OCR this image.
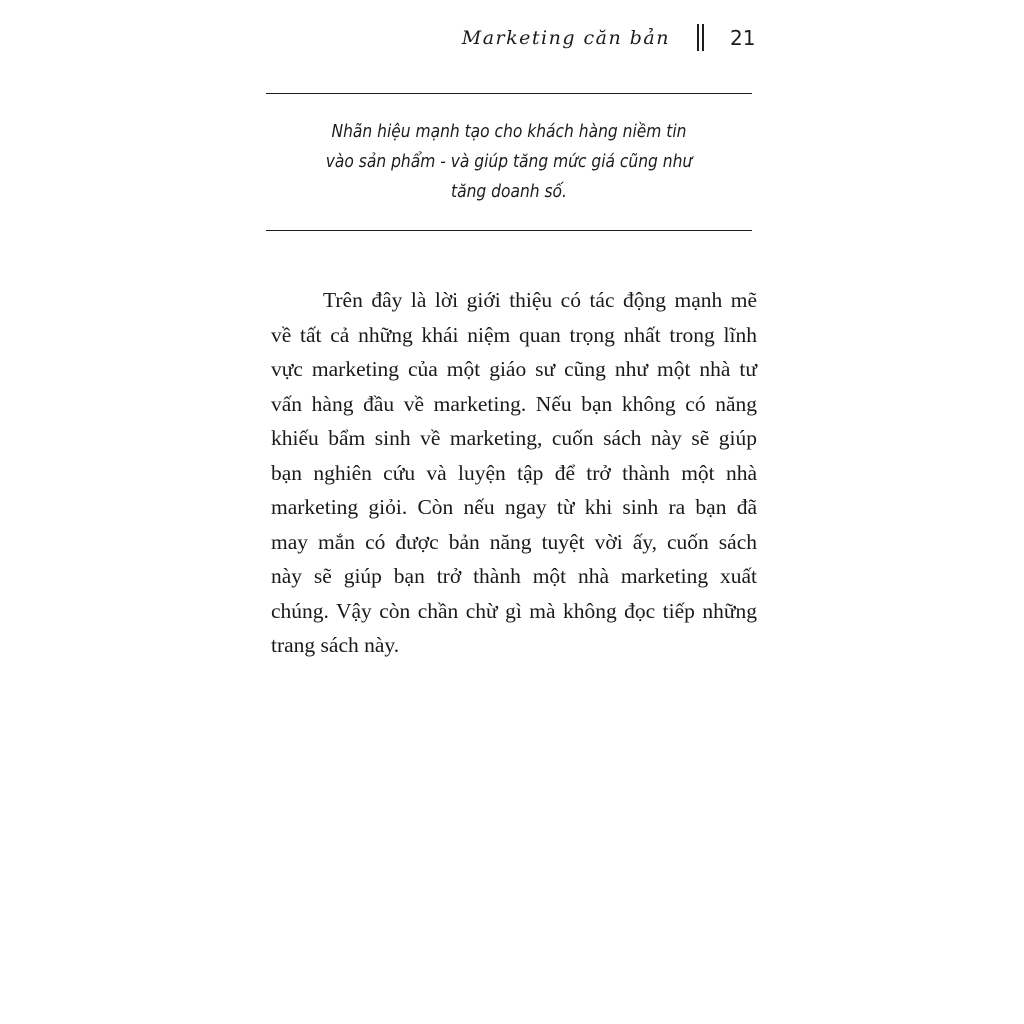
Marketing căn bản	21
Nhãn hiệu mạnh tạo cho khách hàng niềm tin
vào sản phẩm - và giúp tăng mức giá cũng như
tăng doanh số.
Trên đây là lời giới thiệu có tác động mạnh mẽ
về tất cả những khái niệm quan trọng nhất trong lĩnh
vực marketing của một giáo sư cũng như một nhà tư
vấn hàng đầu về marketing. Nếu bạn không có năng
khiếu bẩm sinh về marketing, cuốn sách này sẽ giúp
bạn nghiên cứu và luyện tập để trở thành một nhà
marketing giỏi. Còn nếu ngay từ khi sinh ra bạn đã
may mắn có được bản năng tuyệt vời ấy, cuốn sách
này sẽ giúp bạn trở thành một nhà marketing xuất
chúng. Vậy còn chần chừ gì mà không đọc tiếp những
trang sách này.
